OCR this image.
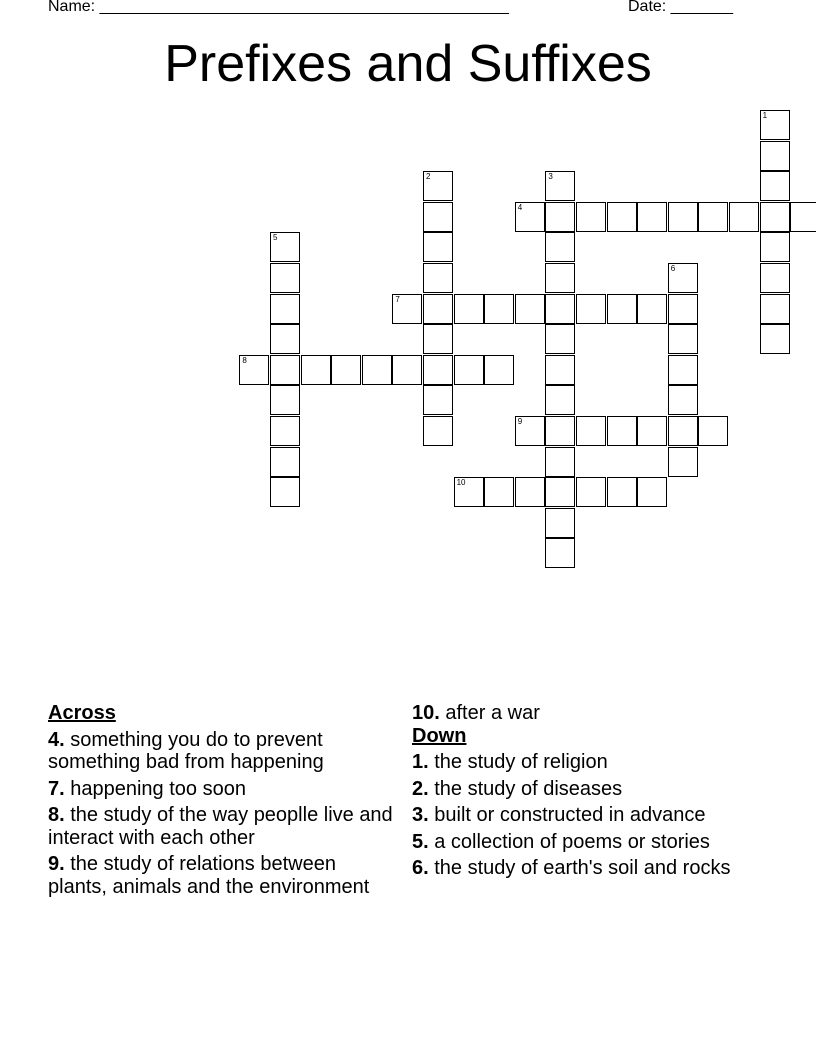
Name: ______________________________________________	Date: _______
Prefixes and Suffixes
1
2	3
4
5
6
7
8
9
10
Across
4. something you do to prevent something bad from happening
7. happening too soon
8. the study of the way peoplle live and interact with each other
9. the study of relations between plants, animals and the environment
10. after a war
Down
1. the study of religion
2. the study of diseases
3. built or constructed in advance
5. a collection of poems or stories
6. the study of earth's soil and rocks
